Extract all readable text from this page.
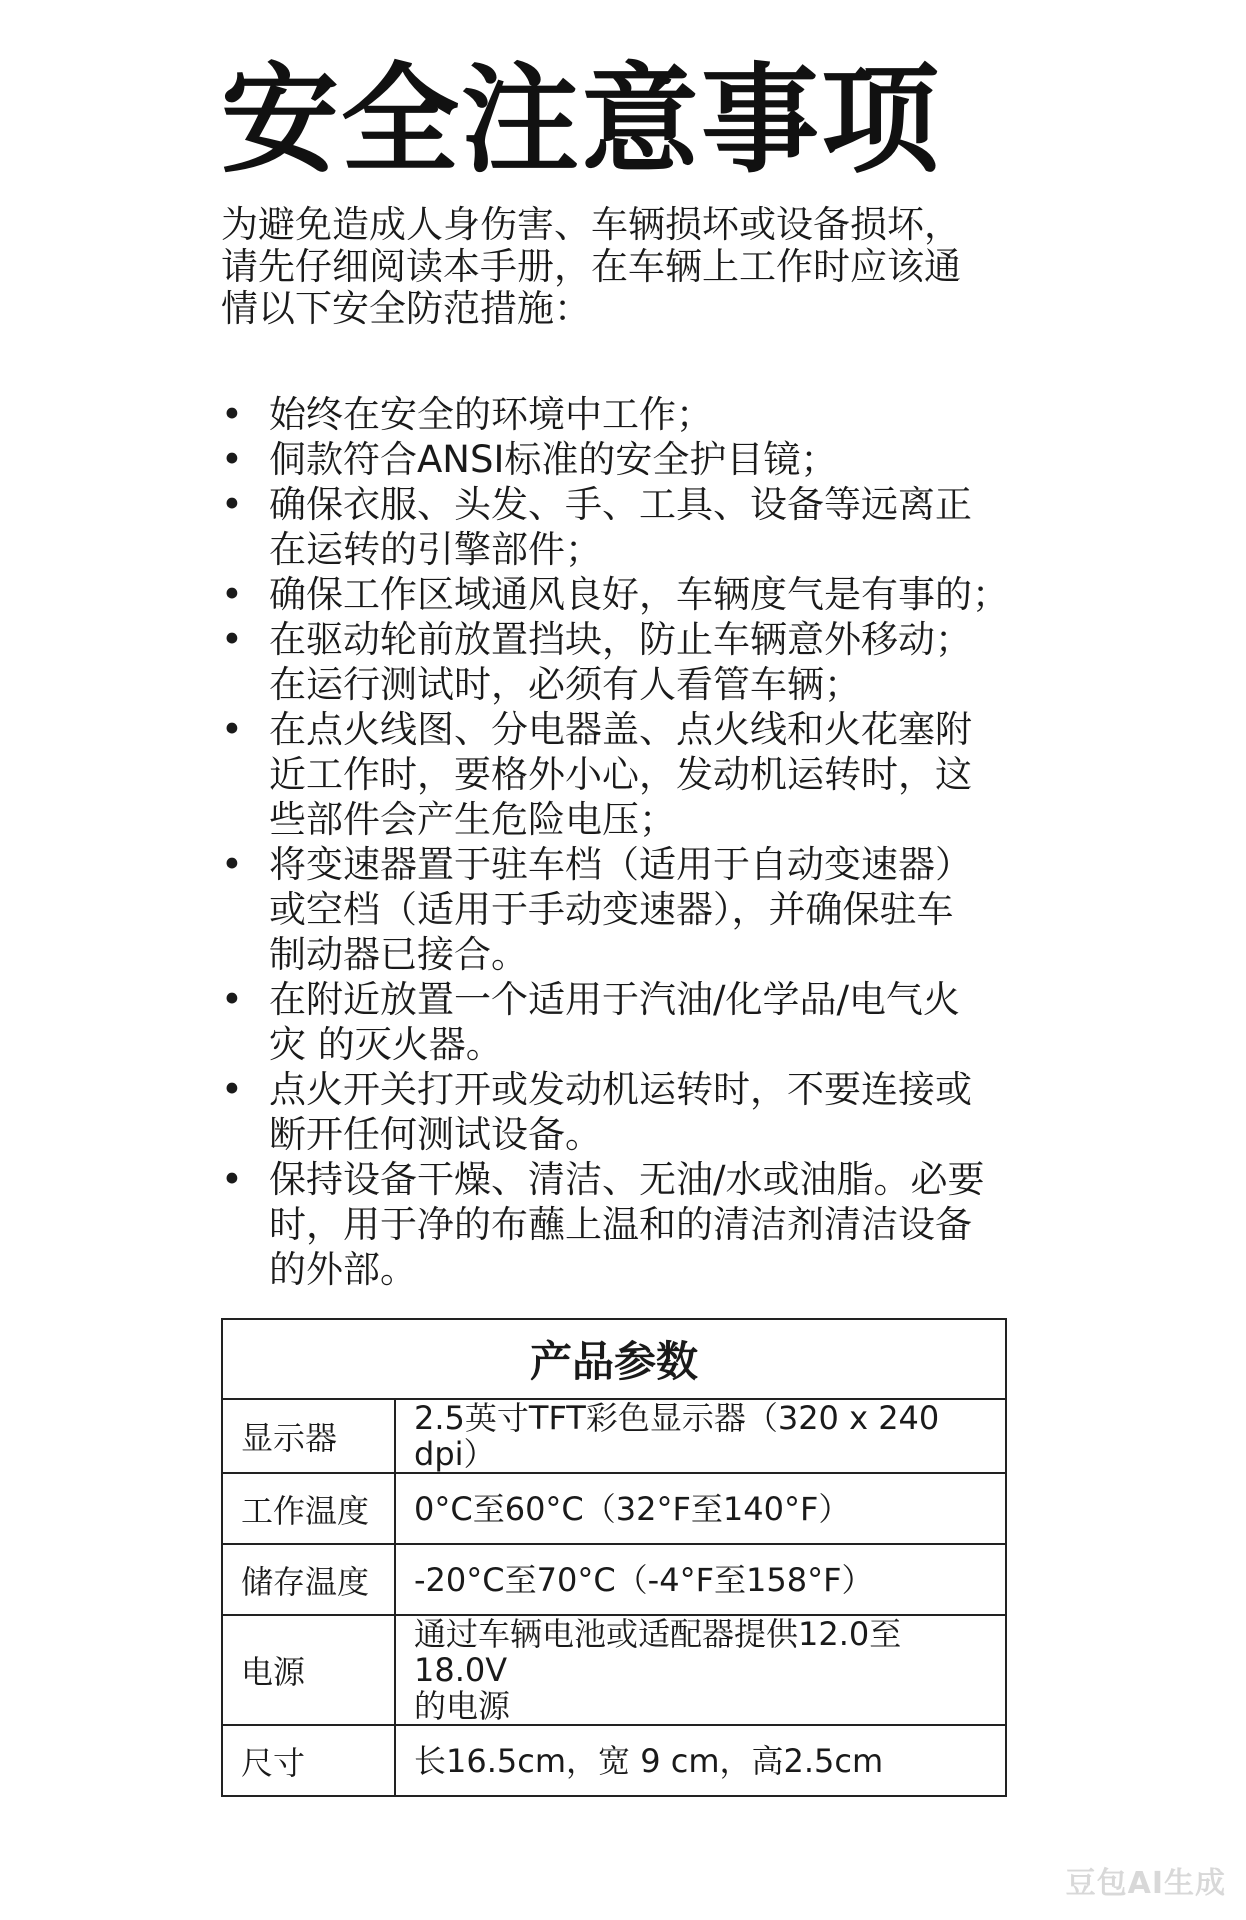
安全注意事项
为避免造成人身伤害、车辆损坏或设备损坏，
请先仔细阅读本手册，在车辆上工作时应该通
情以下安全防范措施：
• 始终在安全的环境中工作；
• 侗款符合ANSI标准的安全护目镜；
• 确保衣服、头发、手、工具、设备等远离正
在运转的引擎部件；
• 确保工作区域通风良好，车辆度气是有事的；
• 在驱动轮前放置挡块，防止车辆意外移动；
在运行测试时，必须有人看管车辆；
• 在点火线图、分电器盖、点火线和火花塞附
近工作时，要格外小心，发动机运转时，这
些部件会产生危险电压；
• 将变速器置于驻车档（适用于自动变速器）
或空档（适用于手动变速器），并确保驻车
制动器已接合。
• 在附近放置一个适用于汽油/化学品/电气火
灾 的灭火器。
• 点火开关打开或发动机运转时，不要连接或
断开任何测试设备。
• 保持设备干燥、清洁、无油/水或油脂。必要
时，用于净的布蘸上温和的清洁剂清洁设备
的外部。
产品参数	
显示器	2.5英寸TFT彩色显示器（320 x 240 dpi）

工作温度	0°C至60°C（32°F至140°F）

储存温度	-20°C至70°C（-4°F至158°F）

电源	通过车辆电池或适配器提供12.0至18.0V
的电源

尺寸	长16.5cm，宽 9 cm，高2.5cm
豆包AI生成
